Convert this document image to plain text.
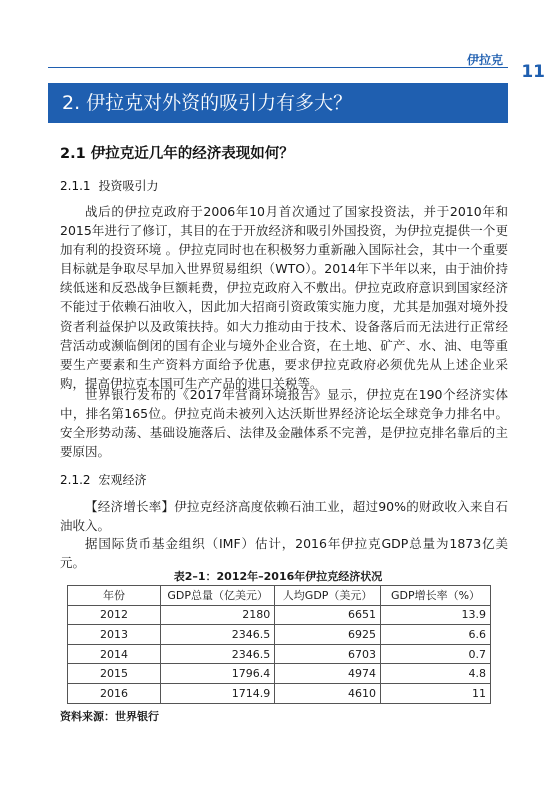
伊拉克
11
2. 伊拉克对外资的吸引力有多大？
2.1 伊拉克近几年的经济表现如何？
2.1.1 投资吸引力

战后的伊拉克政府于2006年10月首次通过了国家投资法，并于2010年和2015年进行了修订，其目的在于开放经济和吸引外国投资，为伊拉克提供一个更加有利的投资环境 。伊拉克同时也在积极努力重新融入国际社会，其中一个重要目标就是争取尽早加入世界贸易组织（WTO）。2014年下半年以来，由于油价持续低迷和反恐战争巨额耗费，伊拉克政府入不敷出。伊拉克政府意识到国家经济不能过于依赖石油收入，因此加大招商引资政策实施力度，尤其是加强对境外投资者利益保护以及政策扶持。如大力推动由于技术、设备落后而无法进行正常经营活动或濒临倒闭的国有企业与境外企业合资，在土地、矿产、水、油、电等重要生产要素和生产资料方面给予优惠，要求伊拉克政府必须优先从上述企业采购，提高伊拉克本国可生产产品的进口关税等。

世界银行发布的《2017年营商环境报告》显示，伊拉克在190个经济实体中，排名第165位。伊拉克尚未被列入达沃斯世界经济论坛全球竞争力排名中。安全形势动荡、基础设施落后、法律及金融体系不完善，是伊拉克排名靠后的主要原因。

2.1.2 宏观经济

【经济增长率】伊拉克经济高度依赖石油工业，超过90%的财政收入来自石油收入。

据国际货币基金组织（IMF）估计，2016年伊拉克GDP总量为1873亿美元。

表2–1：2012年–2016年伊拉克经济状况
年份	GDP总量（亿美元）	人均GDP（美元）	GDP增长率（%）
2012	2180	6651	13.9
2013	2346.5	6925	6.6
2014	2346.5	6703	0.7
2015	1796.4	4974	4.8
2016	1714.9	4610	11
资料来源：世界银行
